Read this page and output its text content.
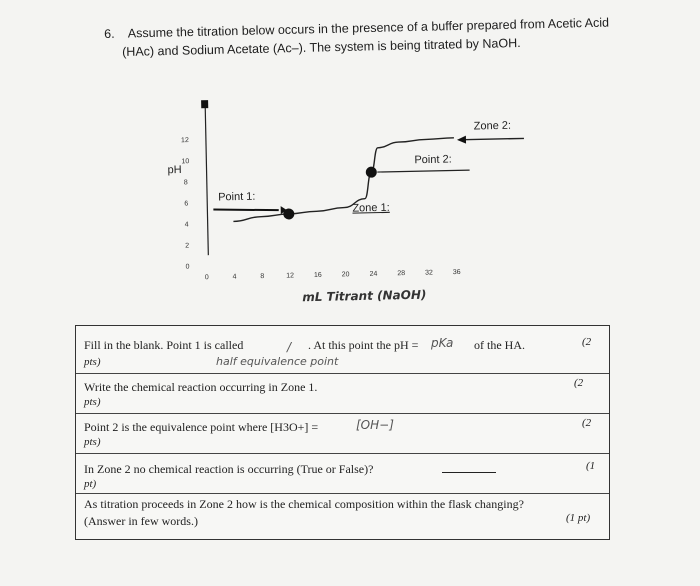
6. Assume the titration below occurs in the presence of a buffer prepared from Acetic Acid
(HAc) and Sodium Acetate (Ac–). The system is being titrated by NaOH.
12
10
8
6
4
2
0
0	4	8	12	16	20	24	28	32	36
pH
mL Titrant (NaOH)
Point 1:
Point 2:
Zone 2:
Zone 1:
Fill in the blank. Point 1 is called	/ . At this point the pH = pKa of the HA.	(2
pts)	half equivalence point
Write the chemical reaction occurring in Zone 1.	(2
pts)
Point 2 is the equivalence point where [H3O+] =	[OH−]	(2
pts)
In Zone 2 no chemical reaction is occurring (True or False)?	(1
pt)
As titration proceeds in Zone 2 how is the chemical composition within the flask changing?
(Answer in few words.)	(1 pt)
